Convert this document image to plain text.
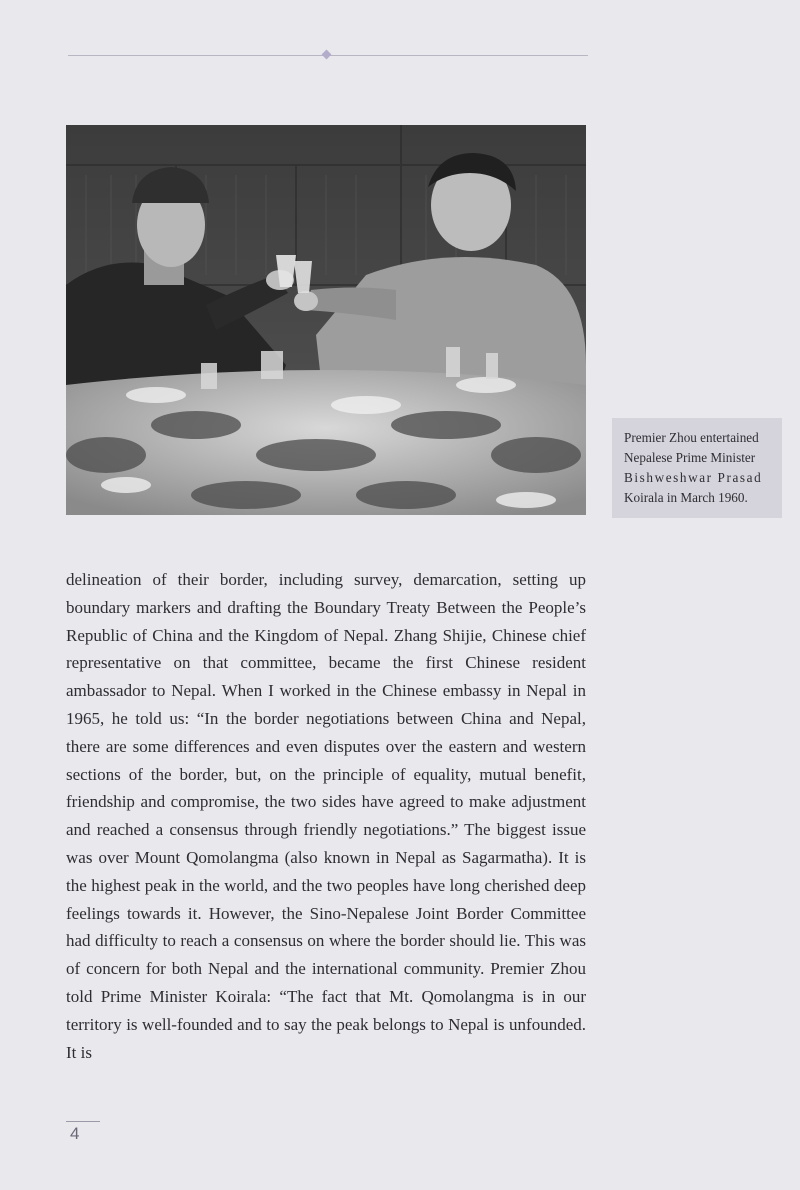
Premier Zhou entertained
Nepalese Prime Minister
Bishweshwar Prasad
Koirala in March 1960.

delineation of their border, including survey, demarcation, setting up boundary markers and drafting the Boundary Treaty Between the People’s Republic of China and the Kingdom of Nepal. Zhang Shijie, Chinese chief representative on that committee, became the first Chinese resident ambassador to Nepal. When I worked in the Chinese embassy in Nepal in 1965, he told us: “In the border negotiations between China and Nepal, there are some differences and even disputes over the eastern and western sections of the border, but, on the principle of equality, mutual benefit, friendship and compromise, the two sides have agreed to make adjustment and reached a consensus through friendly negotiations.” The biggest issue was over Mount Qomolangma (also known in Nepal as Sagarmatha). It is the highest peak in the world, and the two peoples have long cherished deep feelings towards it. However, the Sino-Nepalese Joint Border Committee had difficulty to reach a consensus on where the border should lie. This was of concern for both Nepal and the international community. Premier Zhou told Prime Minister Koirala: “The fact that Mt. Qomolangma is in our territory is well-founded and to say the peak belongs to Nepal is unfounded. It is

4
